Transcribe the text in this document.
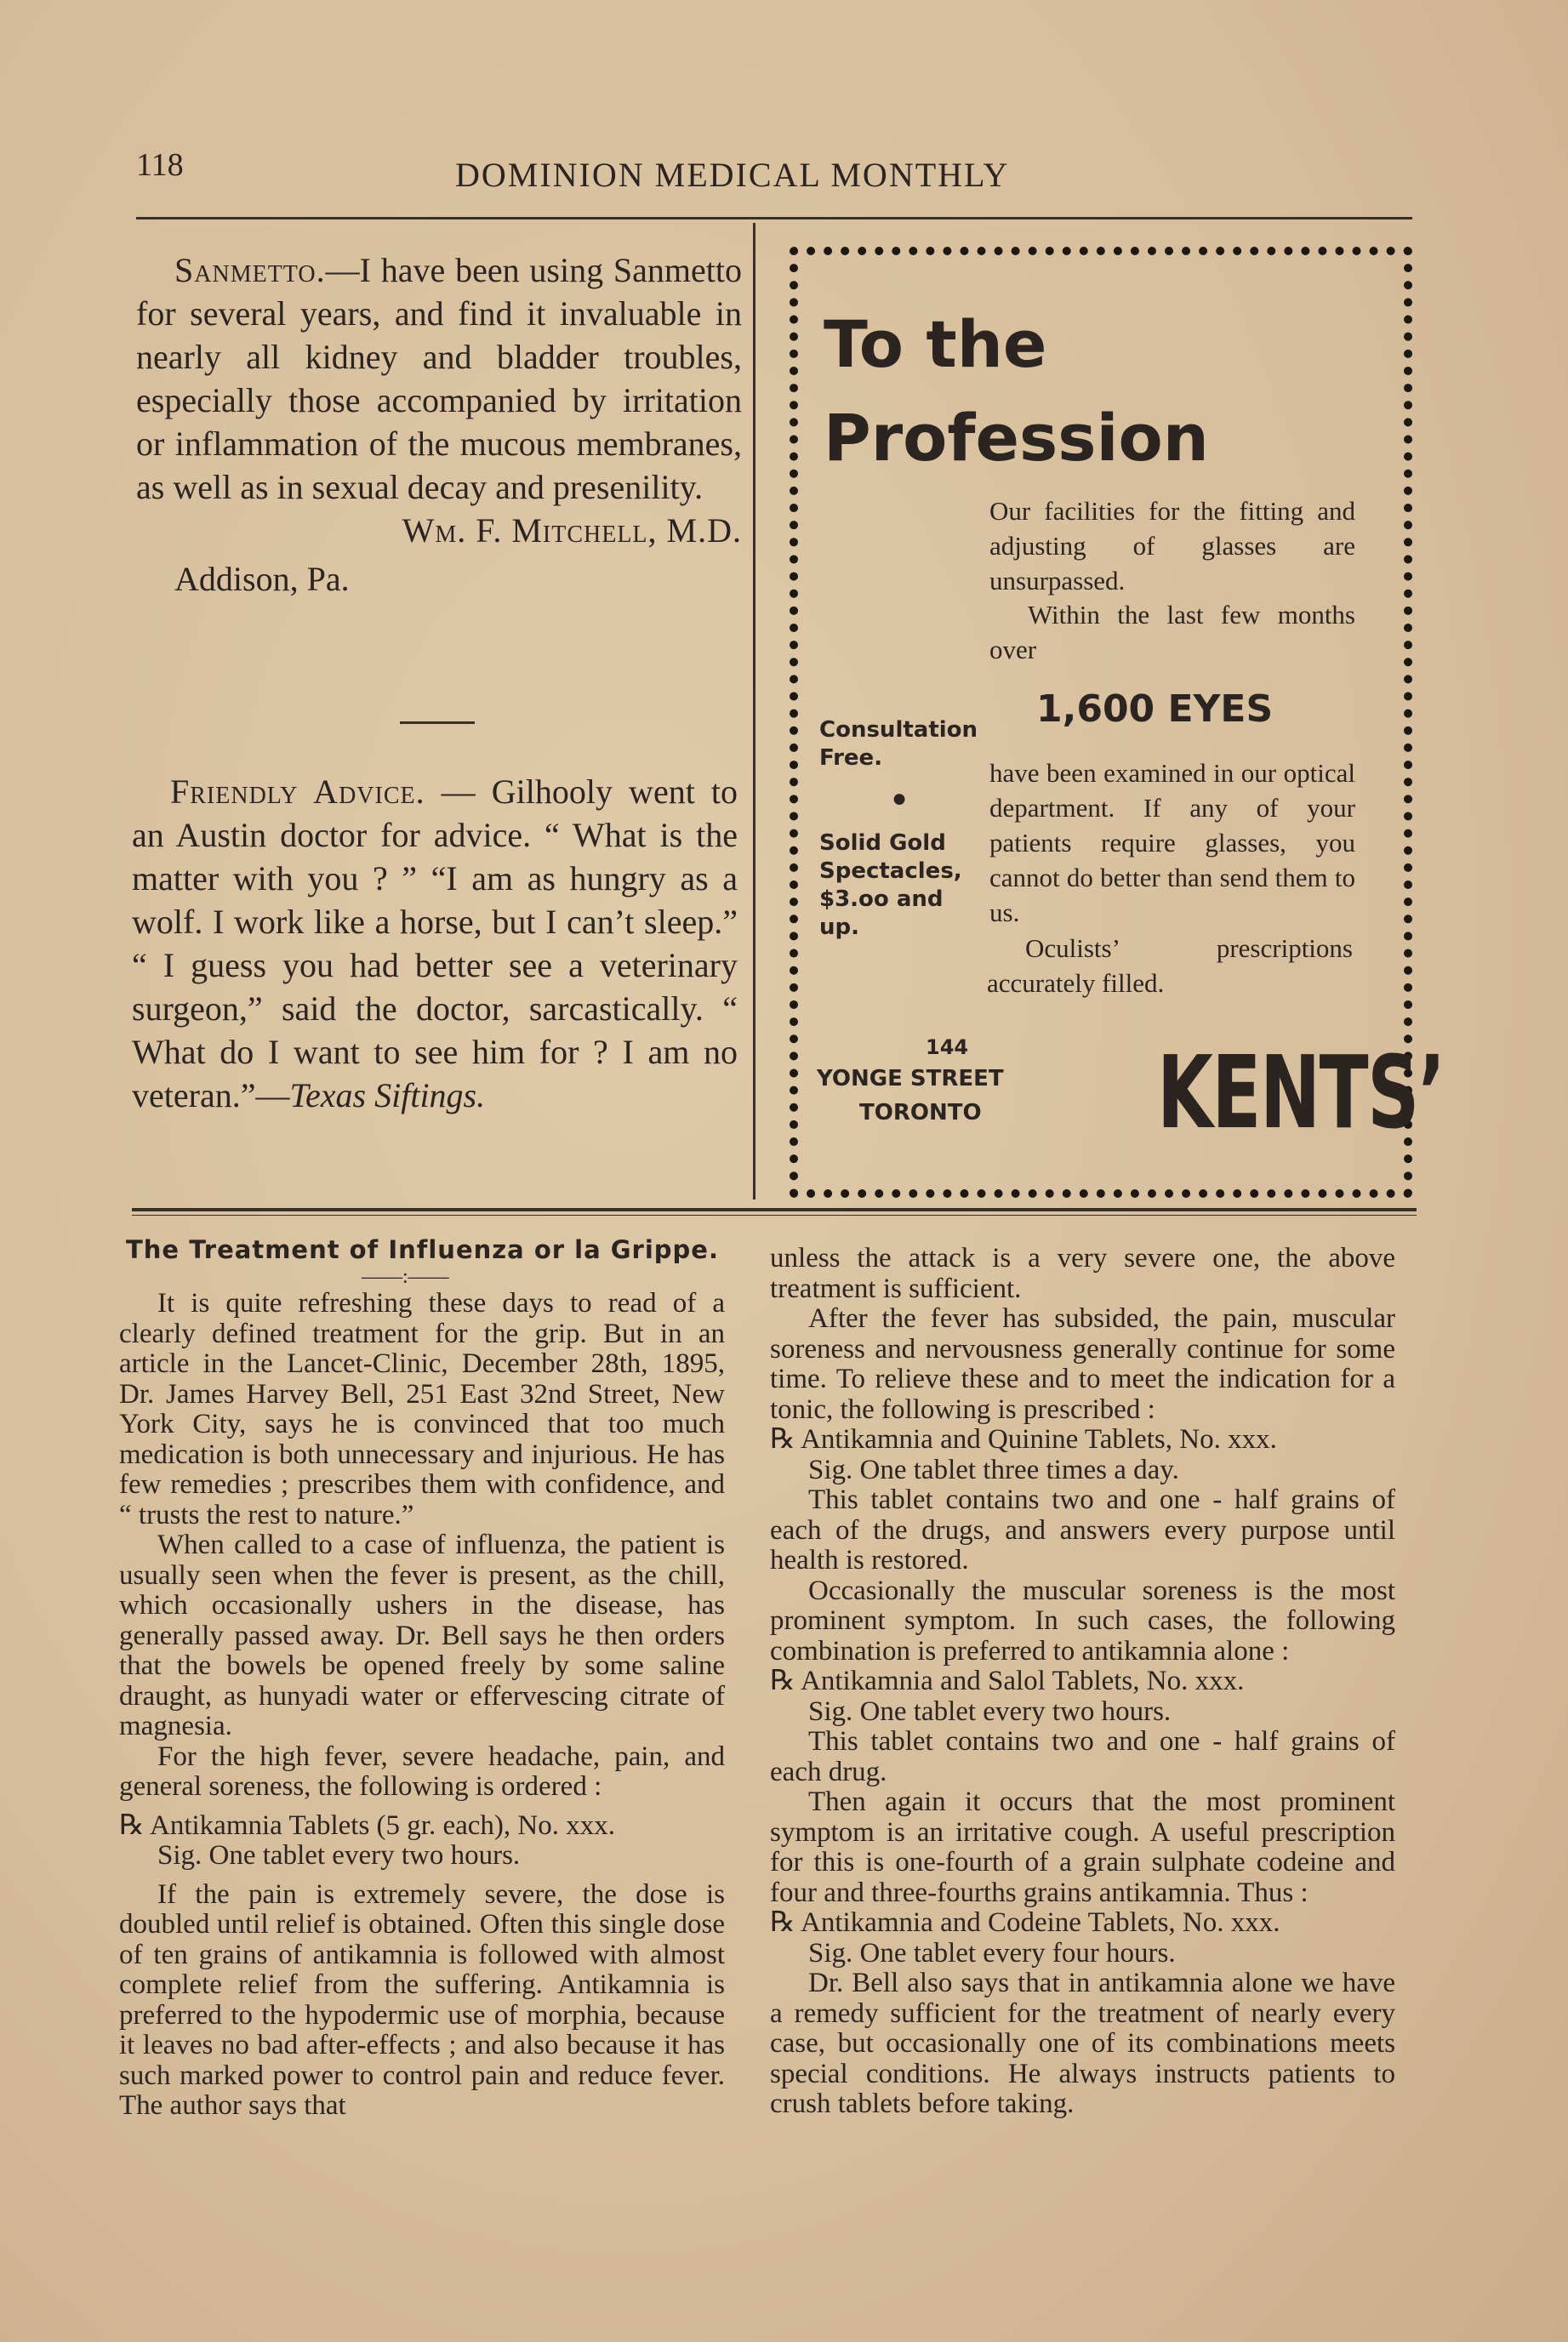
118	DOMINION MEDICAL MONTHLY

Sanmetto.—I have been using Sanmetto for several years, and find it invaluable in nearly all kidney and bladder troubles, especially those accompanied by irritation or inflammation of the mucous membranes, as well as in sexual decay and presenility.

Wm. F. Mitchell, M.D.

Addison, Pa.

Friendly Advice. — Gilhooly went to an Austin doctor for advice. “ What is the matter with you ? ” “I am as hungry as a wolf. I work like a horse, but I can’t sleep.” “ I guess you had better see a veterinary surgeon,” said the doctor, sarcastically. “ What do I want to see him for ? I am no veteran.”—Texas Siftings.

To the
Profession
Our facilities for the fitting and adjusting of glasses are unsurpassed.
Within the last few months over
1,600 EYES
have been examined in our optical department. If any of your patients require glasses, you cannot do better than send them to us.
Oculists’ prescriptions accurately filled.
Consultation Free.
●
Solid Gold Spectacles, $3.oo and up.
144
YONGE STREET
TORONTO KENTS’
The Treatment of Influenza or la Grippe.
——:——

It is quite refreshing these days to read of a clearly defined treatment for the grip. But in an article in the Lancet-Clinic, December 28th, 1895, Dr. James Harvey Bell, 251 East 32nd Street, New York City, says he is convinced that too much medication is both unnecessary and injurious. He has few remedies ; prescribes them with confidence, and “ trusts the rest to nature.”

When called to a case of influenza, the patient is usually seen when the fever is present, as the chill, which occasionally ushers in the disease, has generally passed away. Dr. Bell says he then orders that the bowels be opened freely by some saline draught, as hunyadi water or effervescing citrate of magnesia.

For the high fever, severe headache, pain, and general soreness, the following is ordered :

℞ Antikamnia Tablets (5 gr. each), No. xxx.

Sig. One tablet every two hours.

If the pain is extremely severe, the dose is doubled until relief is obtained. Often this single dose of ten grains of antikamnia is followed with almost complete relief from the suffering. Antikamnia is preferred to the hypodermic use of morphia, because it leaves no bad after-effects ; and also because it has such marked power to control pain and reduce fever. The author says that

unless the attack is a very severe one, the above treatment is sufficient.

After the fever has subsided, the pain, muscular soreness and nervousness generally continue for some time. To relieve these and to meet the indication for a tonic, the following is prescribed :

℞ Antikamnia and Quinine Tablets, No. xxx.

Sig. One tablet three times a day.

This tablet contains two and one - half grains of each of the drugs, and answers every purpose until health is restored.

Occasionally the muscular soreness is the most prominent symptom. In such cases, the following combination is preferred to antikamnia alone :

℞ Antikamnia and Salol Tablets, No. xxx.

Sig. One tablet every two hours.

This tablet contains two and one - half grains of each drug.

Then again it occurs that the most prominent symptom is an irritative cough. A useful prescription for this is one-fourth of a grain sulphate codeine and four and three-fourths grains antikamnia. Thus :

℞ Antikamnia and Codeine Tablets, No. xxx.

Sig. One tablet every four hours.

Dr. Bell also says that in antikamnia alone we have a remedy sufficient for the treatment of nearly every case, but occasionally one of its combinations meets special conditions. He always instructs patients to crush tablets before taking.
